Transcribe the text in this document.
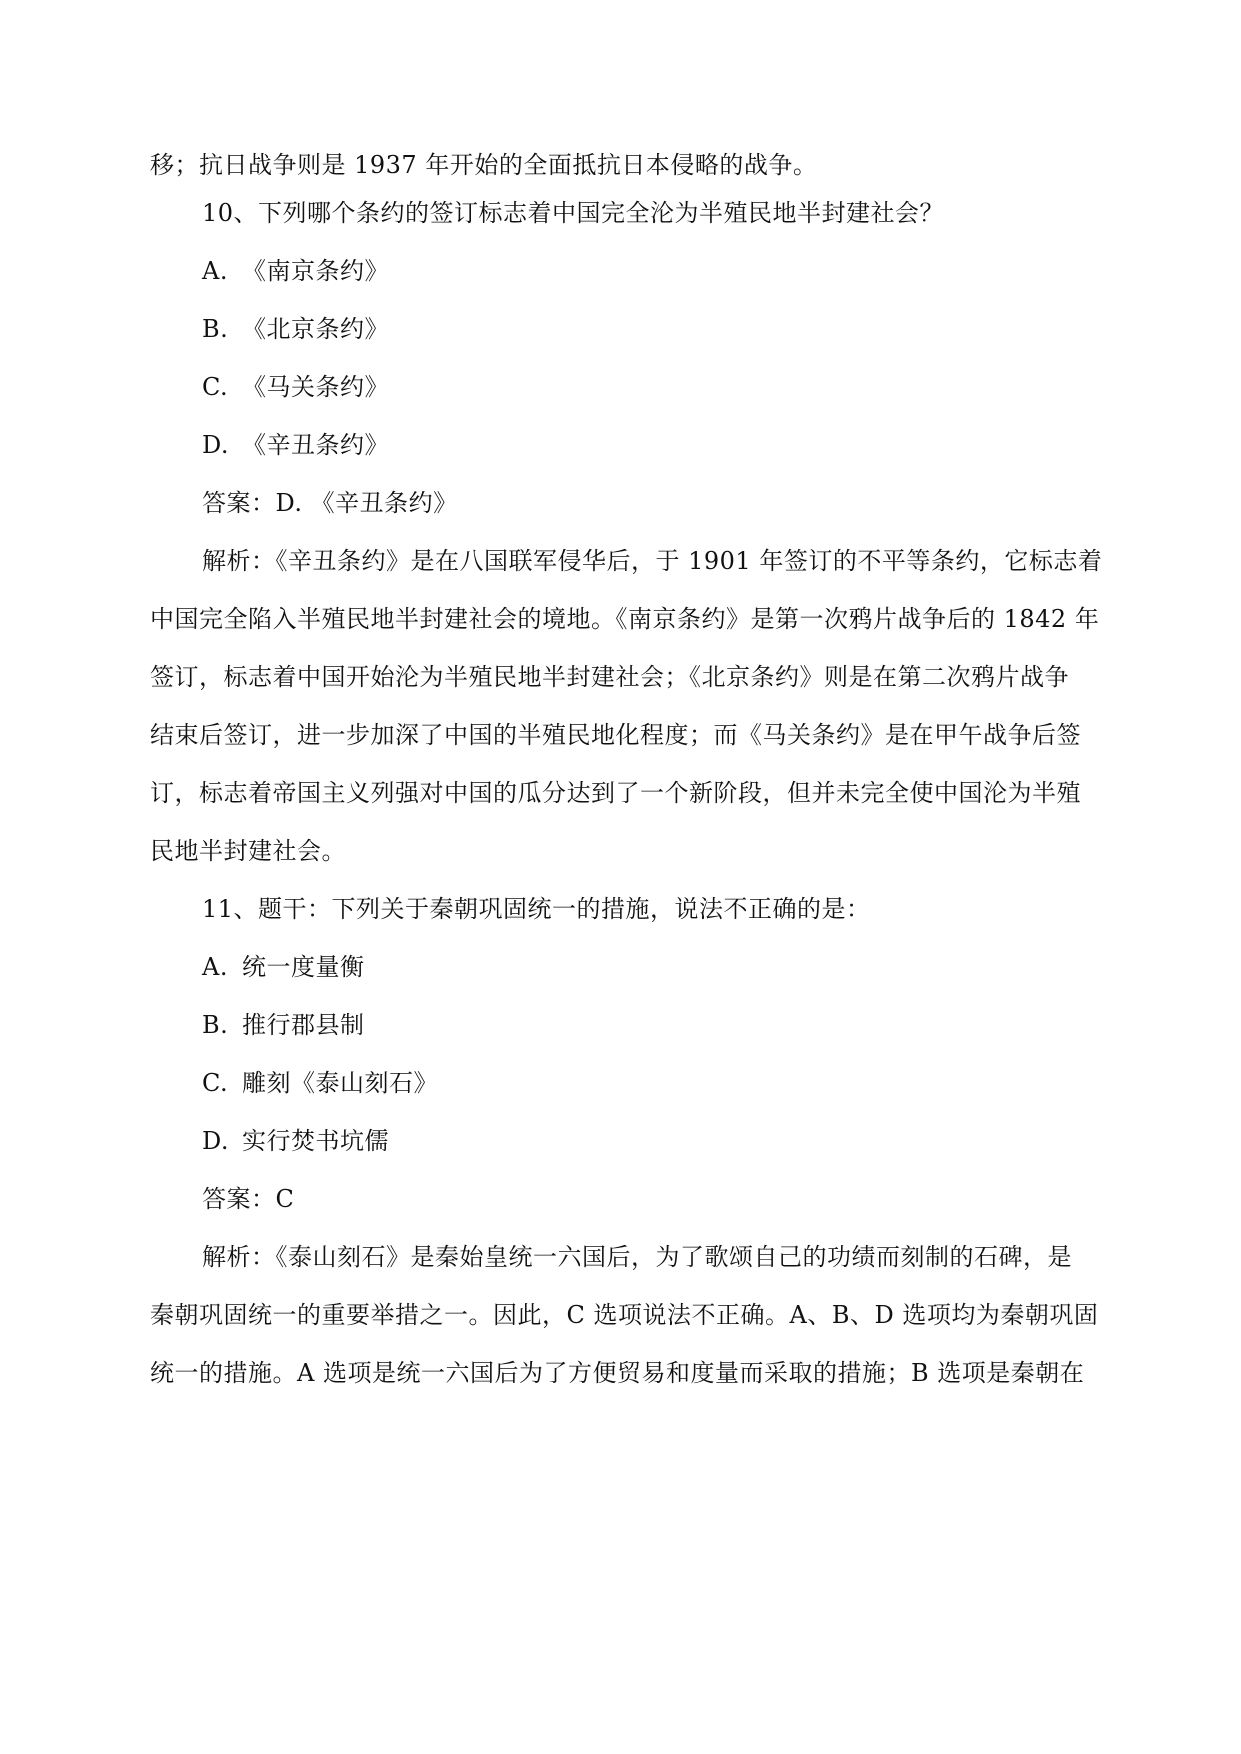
移；抗日战争则是 1937 年开始的全面抵抗日本侵略的战争。
10、下列哪个条约的签订标志着中国完全沦为半殖民地半封建社会？
A. 《南京条约》
B. 《北京条约》
C. 《马关条约》
D. 《辛丑条约》
答案：D. 《辛丑条约》
解析：《辛丑条约》是在八国联军侵华后，于 1901 年签订的不平等条约，它标志着
中国完全陷入半殖民地半封建社会的境地。《南京条约》是第一次鸦片战争后的 1842 年
签订，标志着中国开始沦为半殖民地半封建社会；《北京条约》则是在第二次鸦片战争
结束后签订，进一步加深了中国的半殖民地化程度；而《马关条约》是在甲午战争后签
订，标志着帝国主义列强对中国的瓜分达到了一个新阶段，但并未完全使中国沦为半殖
民地半封建社会。
11、题干：下列关于秦朝巩固统一的措施，说法不正确的是：
A. 统一度量衡
B. 推行郡县制
C. 雕刻《泰山刻石》
D. 实行焚书坑儒
答案：C
解析：《泰山刻石》是秦始皇统一六国后，为了歌颂自己的功绩而刻制的石碑，是
秦朝巩固统一的重要举措之一。因此，C 选项说法不正确。A、B、D 选项均为秦朝巩固
统一的措施。A 选项是统一六国后为了方便贸易和度量而采取的措施；B 选项是秦朝在
